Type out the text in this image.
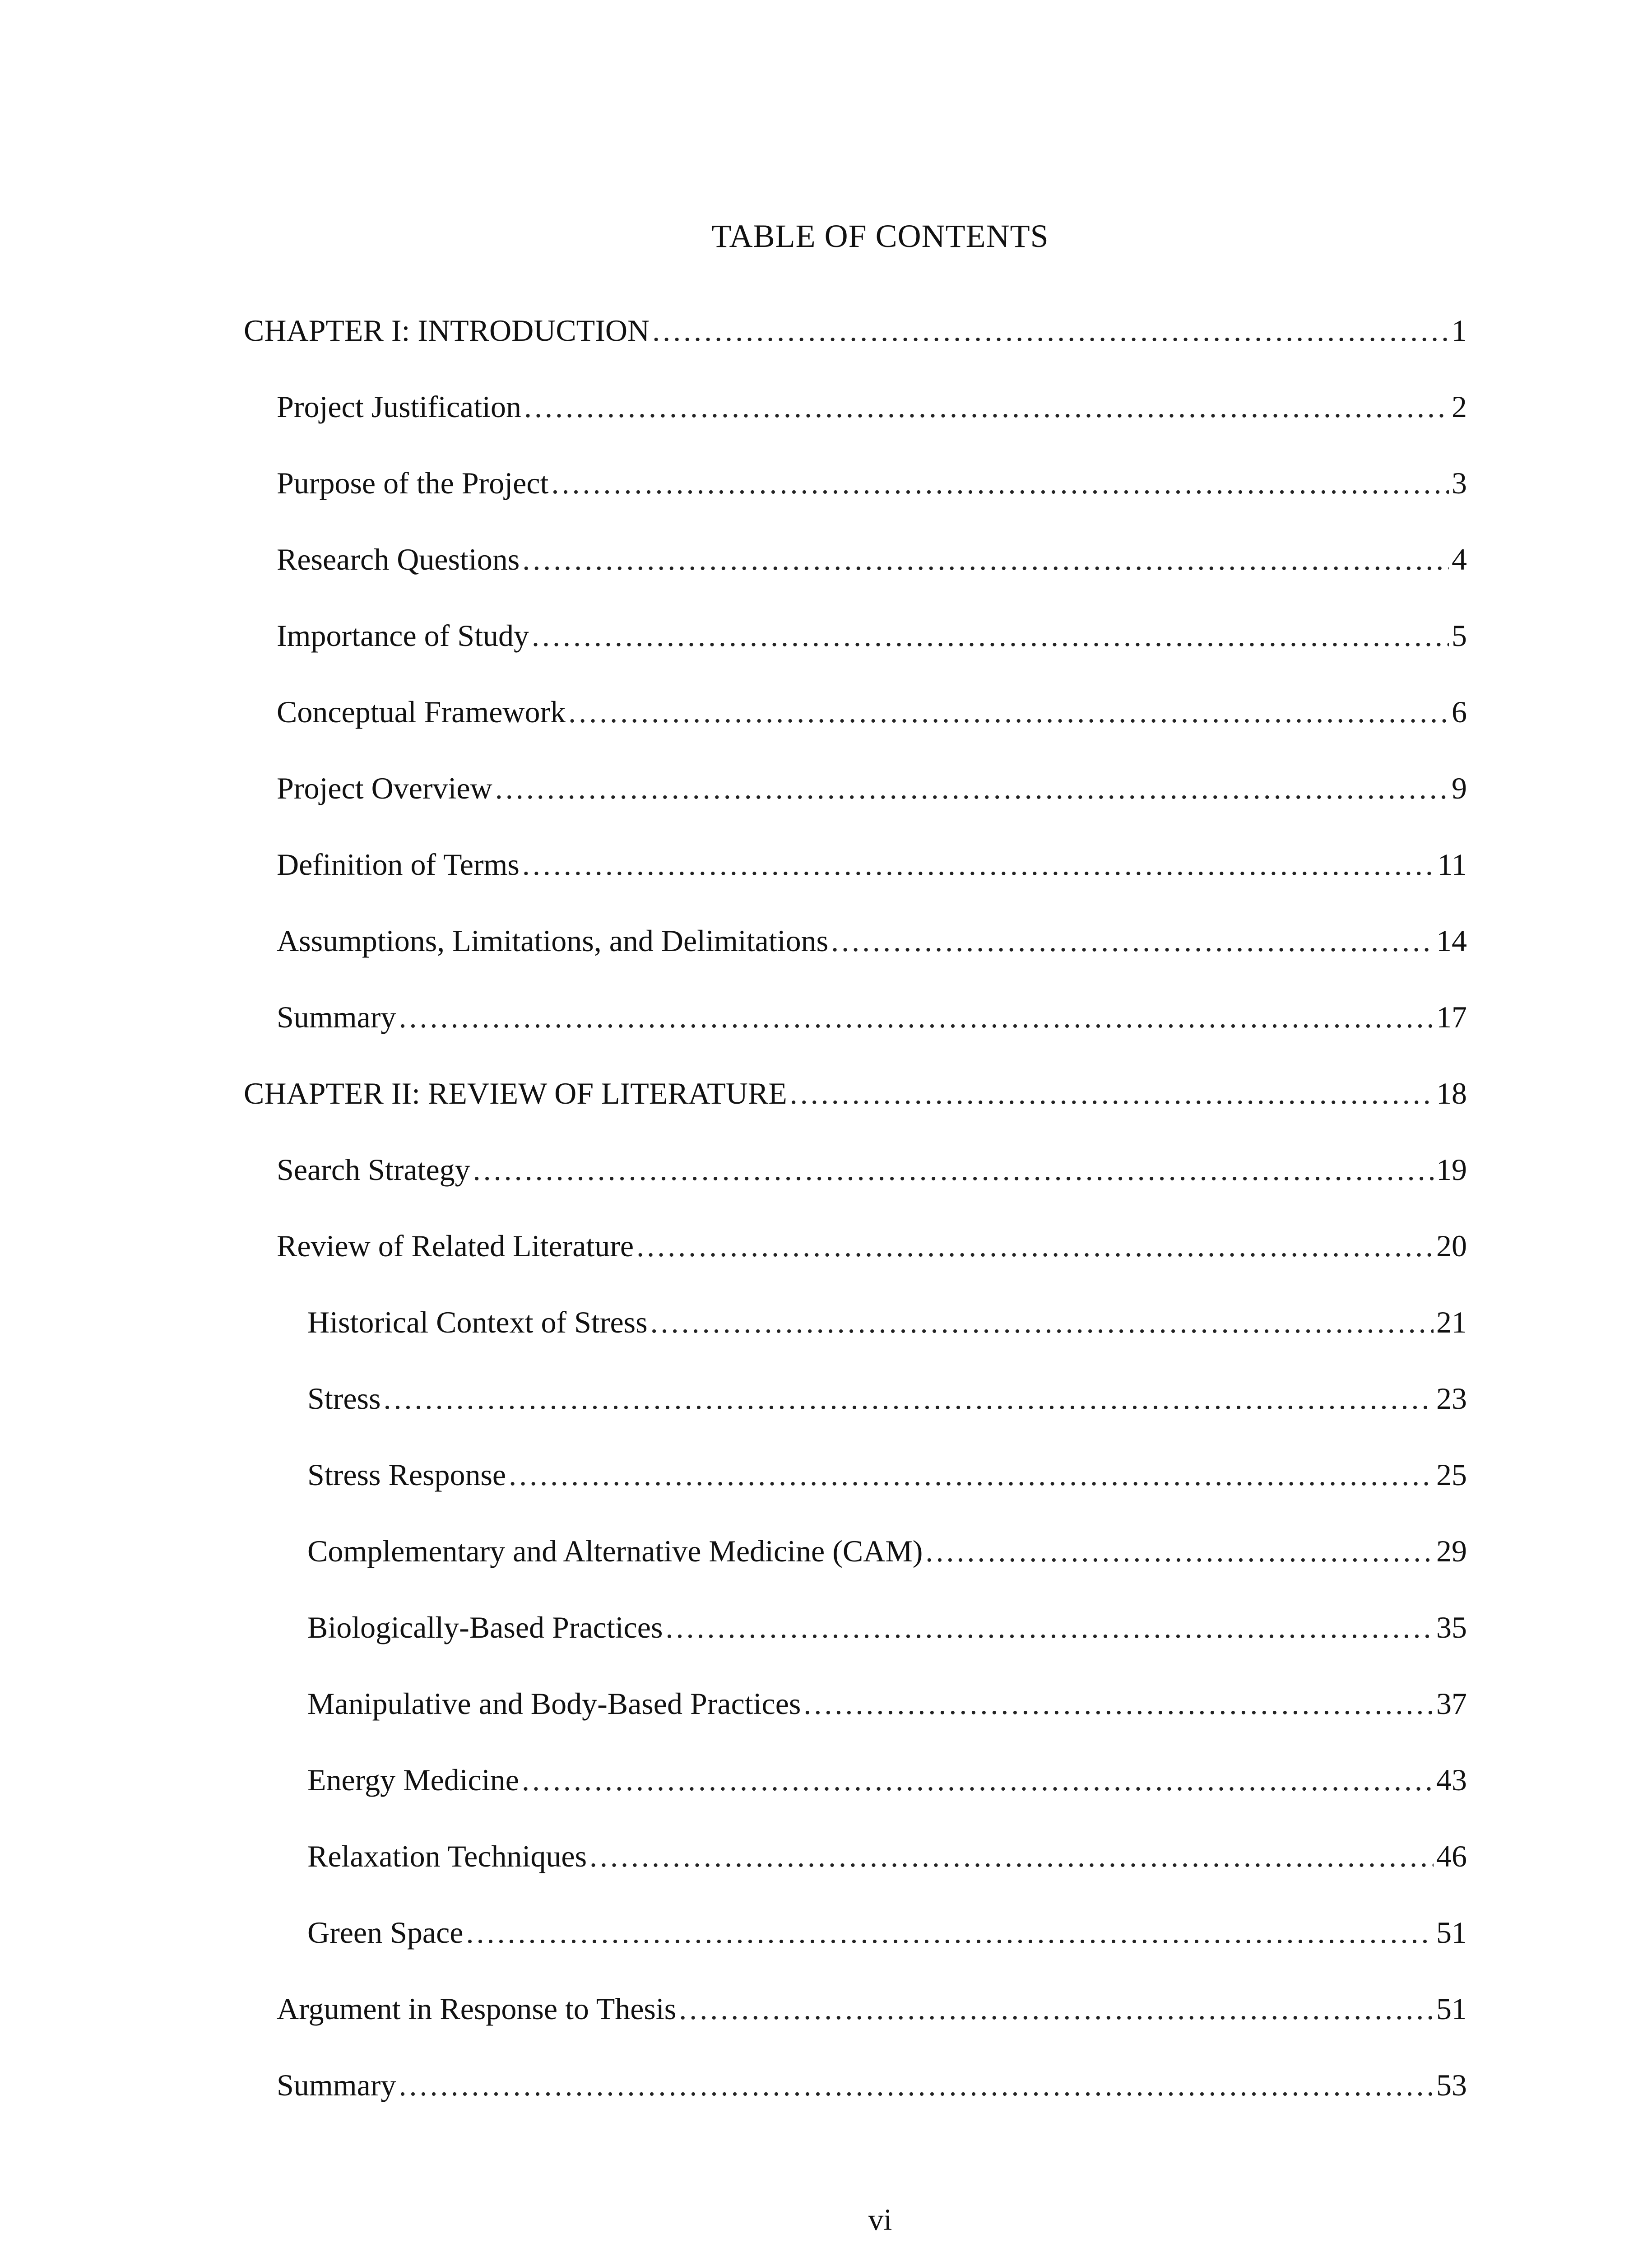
TABLE OF CONTENTS
CHAPTER I: INTRODUCTION .....	1
Project Justification .....	2
Purpose of the Project .....	3
Research Questions .....	4
Importance of Study .....	5
Conceptual Framework .....	6
Project Overview .....	9
Definition of Terms .....	11
Assumptions, Limitations, and Delimitations .....	14
Summary .....	17
CHAPTER II: REVIEW OF LITERATURE .....	18
Search Strategy .....	19
Review of Related Literature .....	20
Historical Context of Stress .....	21
Stress .....	23
Stress Response .....	25
Complementary and Alternative Medicine (CAM) .....	29
Biologically-Based Practices .....	35
Manipulative and Body-Based Practices .....	37
Energy Medicine .....	43
Relaxation Techniques .....	46
Green Space .....	51
Argument in Response to Thesis .....	51
Summary .....	53
vi
